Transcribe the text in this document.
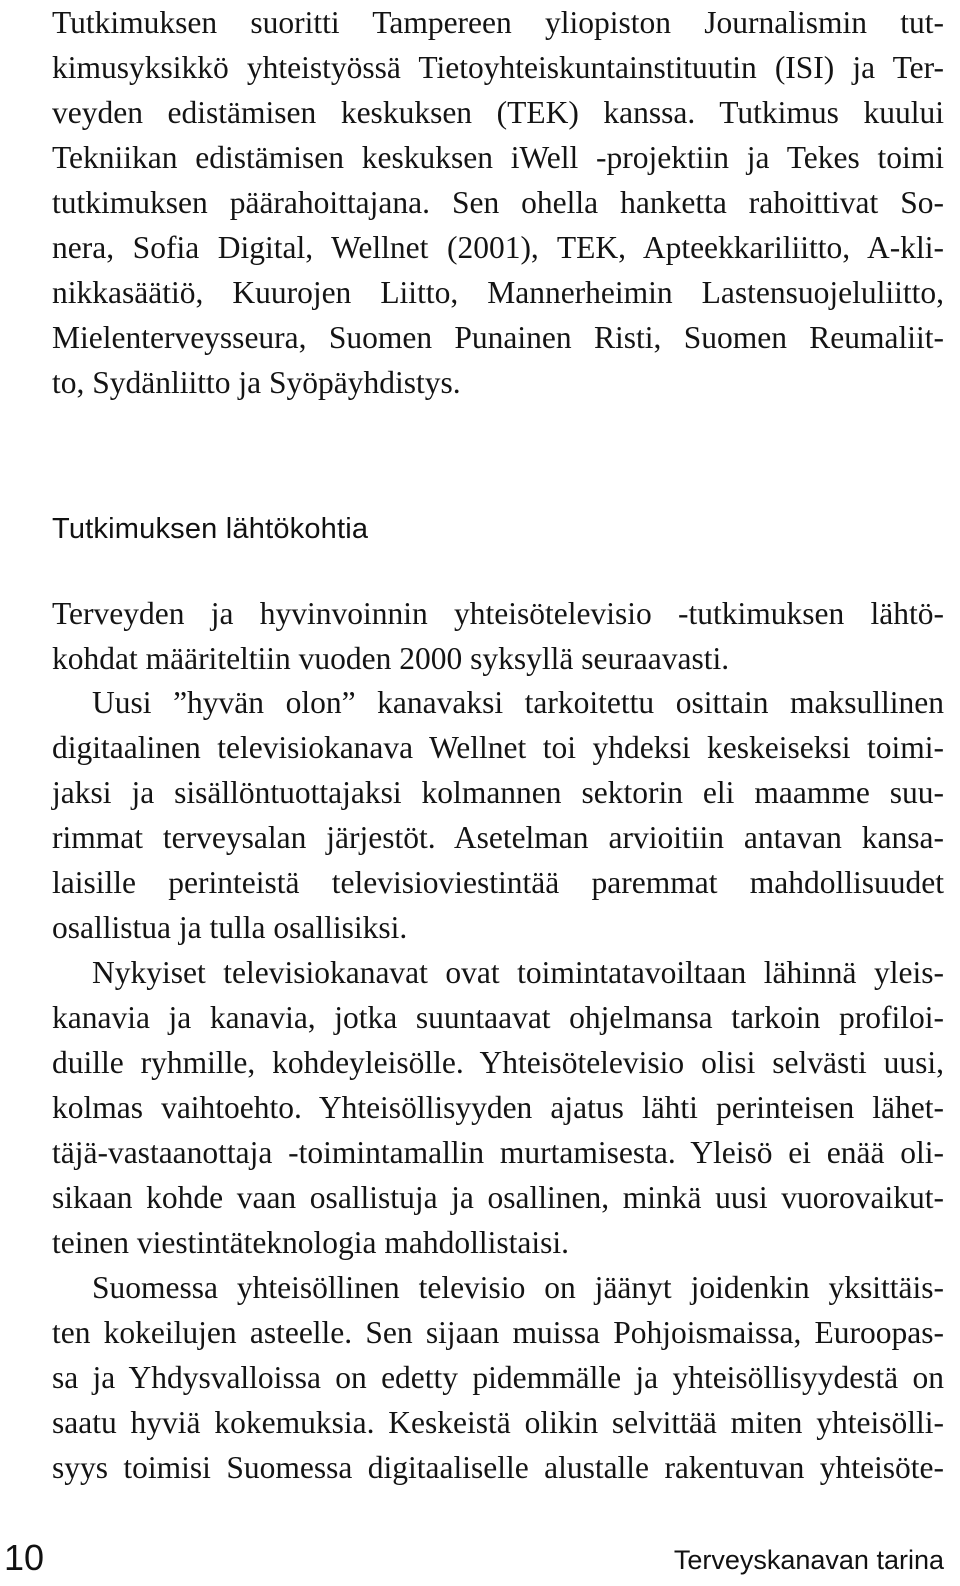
Tutkimuksen suoritti Tampereen yliopiston Journalismin tut-
kimusyksikkö yhteistyössä Tietoyhteiskuntainstituutin (ISI) ja Ter-
veyden edistämisen keskuksen (TEK) kanssa. Tutkimus kuului
Tekniikan edistämisen keskuksen iWell -projektiin ja Tekes toimi
tutkimuksen päärahoittajana. Sen ohella hanketta rahoittivat So-
nera, Sofia Digital, Wellnet (2001), TEK, Apteekkariliitto, A-kli-
nikkasäätiö, Kuurojen Liitto, Mannerheimin Lastensuojeluliitto,
Mielenterveysseura, Suomen Punainen Risti, Suomen Reumaliit-
to, Sydänliitto ja Syöpäyhdistys.
Tutkimuksen lähtökohtia
Terveyden ja hyvinvoinnin yhteisötelevisio -tutkimuksen lähtö-
kohdat määriteltiin vuoden 2000 syksyllä seuraavasti.
Uusi ”hyvän olon” kanavaksi tarkoitettu osittain maksullinen
digitaalinen televisiokanava Wellnet toi yhdeksi keskeiseksi toimi-
jaksi ja sisällöntuottajaksi kolmannen sektorin eli maamme suu-
rimmat terveysalan järjestöt. Asetelman arvioitiin antavan kansa-
laisille perinteistä televisioviestintää paremmat mahdollisuudet
osallistua ja tulla osallisiksi.
Nykyiset televisiokanavat ovat toimintatavoiltaan lähinnä yleis-
kanavia ja kanavia, jotka suuntaavat ohjelmansa tarkoin profiloi-
duille ryhmille, kohdeyleisölle. Yhteisötelevisio olisi selvästi uusi,
kolmas vaihtoehto. Yhteisöllisyyden ajatus lähti perinteisen lähet-
täjä-vastaanottaja -toimintamallin murtamisesta. Yleisö ei enää oli-
sikaan kohde vaan osallistuja ja osallinen, minkä uusi vuorovaikut-
teinen viestintäteknologia mahdollistaisi.
Suomessa yhteisöllinen televisio on jäänyt joidenkin yksittäis-
ten kokeilujen asteelle. Sen sijaan muissa Pohjoismaissa, Euroopas-
sa ja Yhdysvalloissa on edetty pidemmälle ja yhteisöllisyydestä on
saatu hyviä kokemuksia. Keskeistä olikin selvittää miten yhteisölli-
syys toimisi Suomessa digitaaliselle alustalle rakentuvan yhteisöte-
10	Terveyskanavan tarina
